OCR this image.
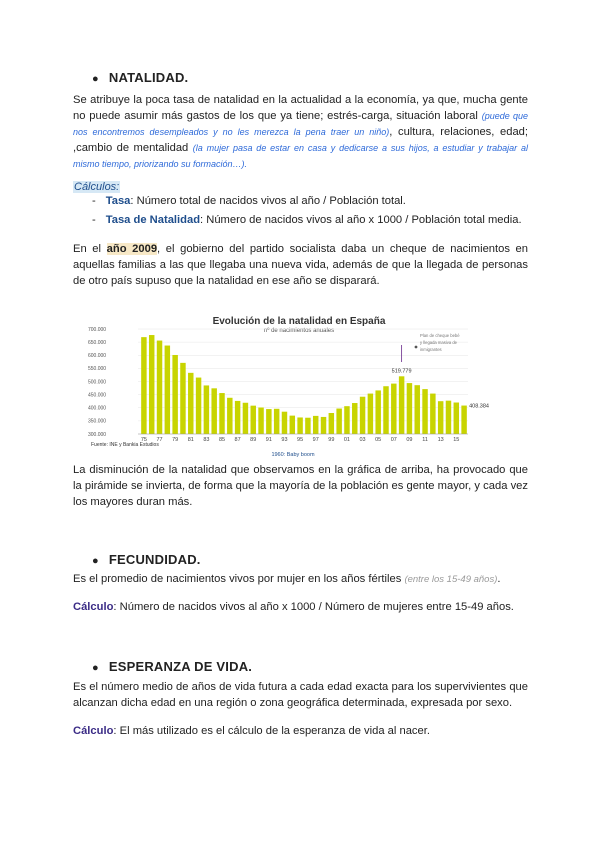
● NATALIDAD.
Se atribuye la poca tasa de natalidad en la actualidad a la economía, ya que, mucha gente no puede asumir más gastos de los que ya tiene; estrés-carga, situación laboral (puede que nos encontremos desempleados y no les merezca la pena traer un niño), cultura, relaciones, edad; ,cambio de mentalidad (la mujer pasa de estar en casa y dedicarse a sus hijos, a estudiar y trabajar al mismo tiempo, priorizando su formación…).
Cálculos:
- Tasa: Número total de nacidos vivos al año / Población total.
- Tasa de Natalidad: Número de nacidos vivos al año x 1000 / Población total media.
En el año 2009, el gobierno del partido socialista daba un cheque de nacimientos en aquellas familias a las que llegaba una nueva vida, además de que la llegada de personas de otro país supuso que la natalidad en ese año se disparará.
Evolución de la natalidad en España
nº de nacimientos anuales
700.000
650.000
600.000
550.000
500.000
450.000
400.000
350.000
300.000
75 77 79 81 83 85 87 89 91 93 95 97 99 01 03 05 07 09 11 13 15
519.779
408.384
Plan de cheque bebé
y llegada masiva de
inmigrantes
Fuente: INE y Bankia Estudios
1960: Baby boom
La disminución de la natalidad que observamos en la gráfica de arriba, ha provocado que la pirámide se invierta, de forma que la mayoría de la población es gente mayor, y cada vez los mayores duran más.
● FECUNDIDAD.
Es el promedio de nacimientos vivos por mujer en los años fértiles (entre los 15-49 años).
Cálculo: Número de nacidos vivos al año x 1000 / Número de mujeres entre 15-49 años.
● ESPERANZA DE VIDA.
Es el número medio de años de vida futura a cada edad exacta para los supervivientes que alcanzan dicha edad en una región o zona geográfica determinada, expresada por sexo.
Cálculo: El más utilizado es el cálculo de la esperanza de vida al nacer.
